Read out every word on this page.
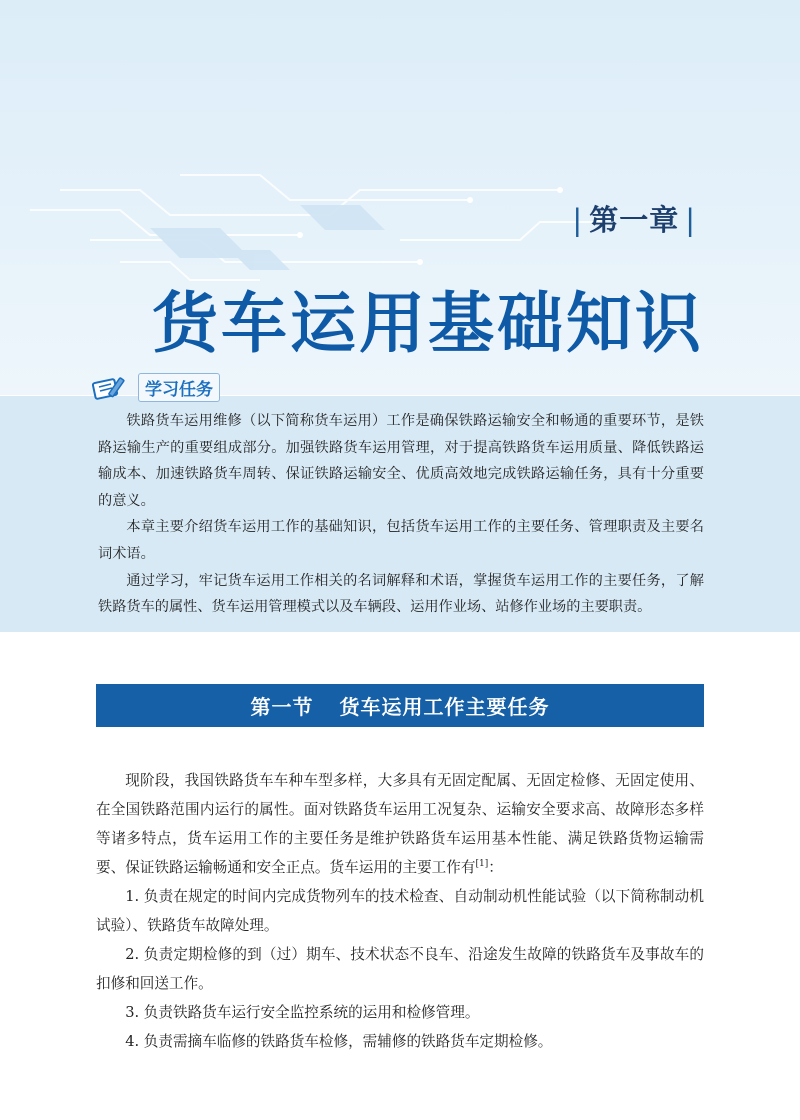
| 第一章 |
货车运用基础知识

铁路货车运用维修（以下简称货车运用）工作是确保铁路运输安全和畅通的重要环节，是铁路运输生产的重要组成部分。加强铁路货车运用管理，对于提高铁路货车运用质量、降低铁路运输成本、加速铁路货车周转、保证铁路运输安全、优质高效地完成铁路运输任务，具有十分重要的意义。

本章主要介绍货车运用工作的基础知识，包括货车运用工作的主要任务、管理职责及主要名词术语。

通过学习，牢记货车运用工作相关的名词解释和术语，掌握货车运用工作的主要任务，了解铁路货车的属性、货车运用管理模式以及车辆段、运用作业场、站修作业场的主要职责。

学习任务
第一节 货车运用工作主要任务

现阶段，我国铁路货车车种车型多样，大多具有无固定配属、无固定检修、无固定使用、在全国铁路范围内运行的属性。面对铁路货车运用工况复杂、运输安全要求高、故障形态多样等诸多特点，货车运用工作的主要任务是维护铁路货车运用基本性能、满足铁路货物运输需要、保证铁路运输畅通和安全正点。货车运用的主要工作有[1]：

1. 负责在规定的时间内完成货物列车的技术检查、自动制动机性能试验（以下简称制动机试验）、铁路货车故障处理。

2. 负责定期检修的到（过）期车、技术状态不良车、沿途发生故障的铁路货车及事故车的扣修和回送工作。

3. 负责铁路货车运行安全监控系统的运用和检修管理。

4. 负责需摘车临修的铁路货车检修，需辅修的铁路货车定期检修。
